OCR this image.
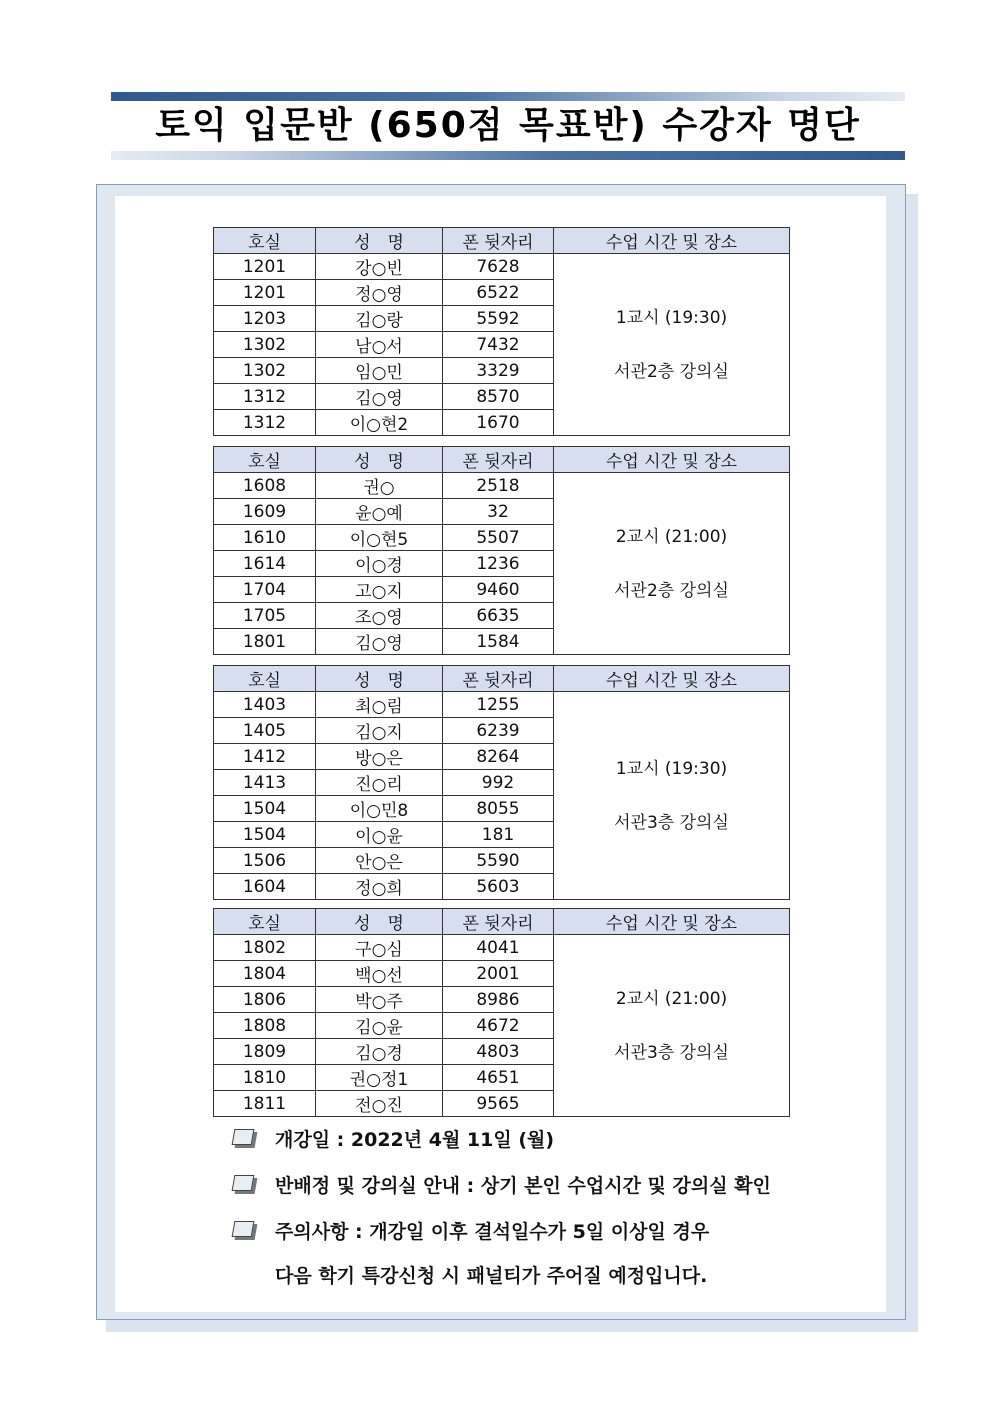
토익 입문반 (650점 목표반) 수강자 명단
호실	성　명	폰 뒷자리	수업 시간 및 장소
1201	강○빈	7628	1교시 (19:30)
서관2층 강의실

1201	정○영	6522	
1203	김○랑	5592	
1302	남○서	7432	
1302	임○민	3329	
1312	김○영	8570	
1312	이○현2	1670	
호실	성　명	폰 뒷자리	수업 시간 및 장소
1608	권○	2518	2교시 (21:00)
서관2층 강의실

1609	윤○예	32	
1610	이○현5	5507	
1614	이○경	1236	
1704	고○지	9460	
1705	조○영	6635	
1801	김○영	1584	
호실	성　명	폰 뒷자리	수업 시간 및 장소
1403	최○림	1255	1교시 (19:30)
서관3층 강의실

1405	김○지	6239	
1412	방○은	8264	
1413	진○리	992	
1504	이○민8	8055	
1504	이○윤	181	
1506	안○은	5590	
1604	정○희	5603	
호실	성　명	폰 뒷자리	수업 시간 및 장소
1802	구○심	4041	2교시 (21:00)
서관3층 강의실

1804	백○선	2001	
1806	박○주	8986	
1808	김○윤	4672	
1809	김○경	4803	
1810	권○정1	4651	
1811	전○진	9565	
개강일 : 2022년 4월 11일 (월)
반배정 및 강의실 안내 : 상기 본인 수업시간 및 강의실 확인
주의사항 : 개강일 이후 결석일수가 5일 이상일 경우
다음 학기 특강신청 시 패널티가 주어질 예정입니다.
